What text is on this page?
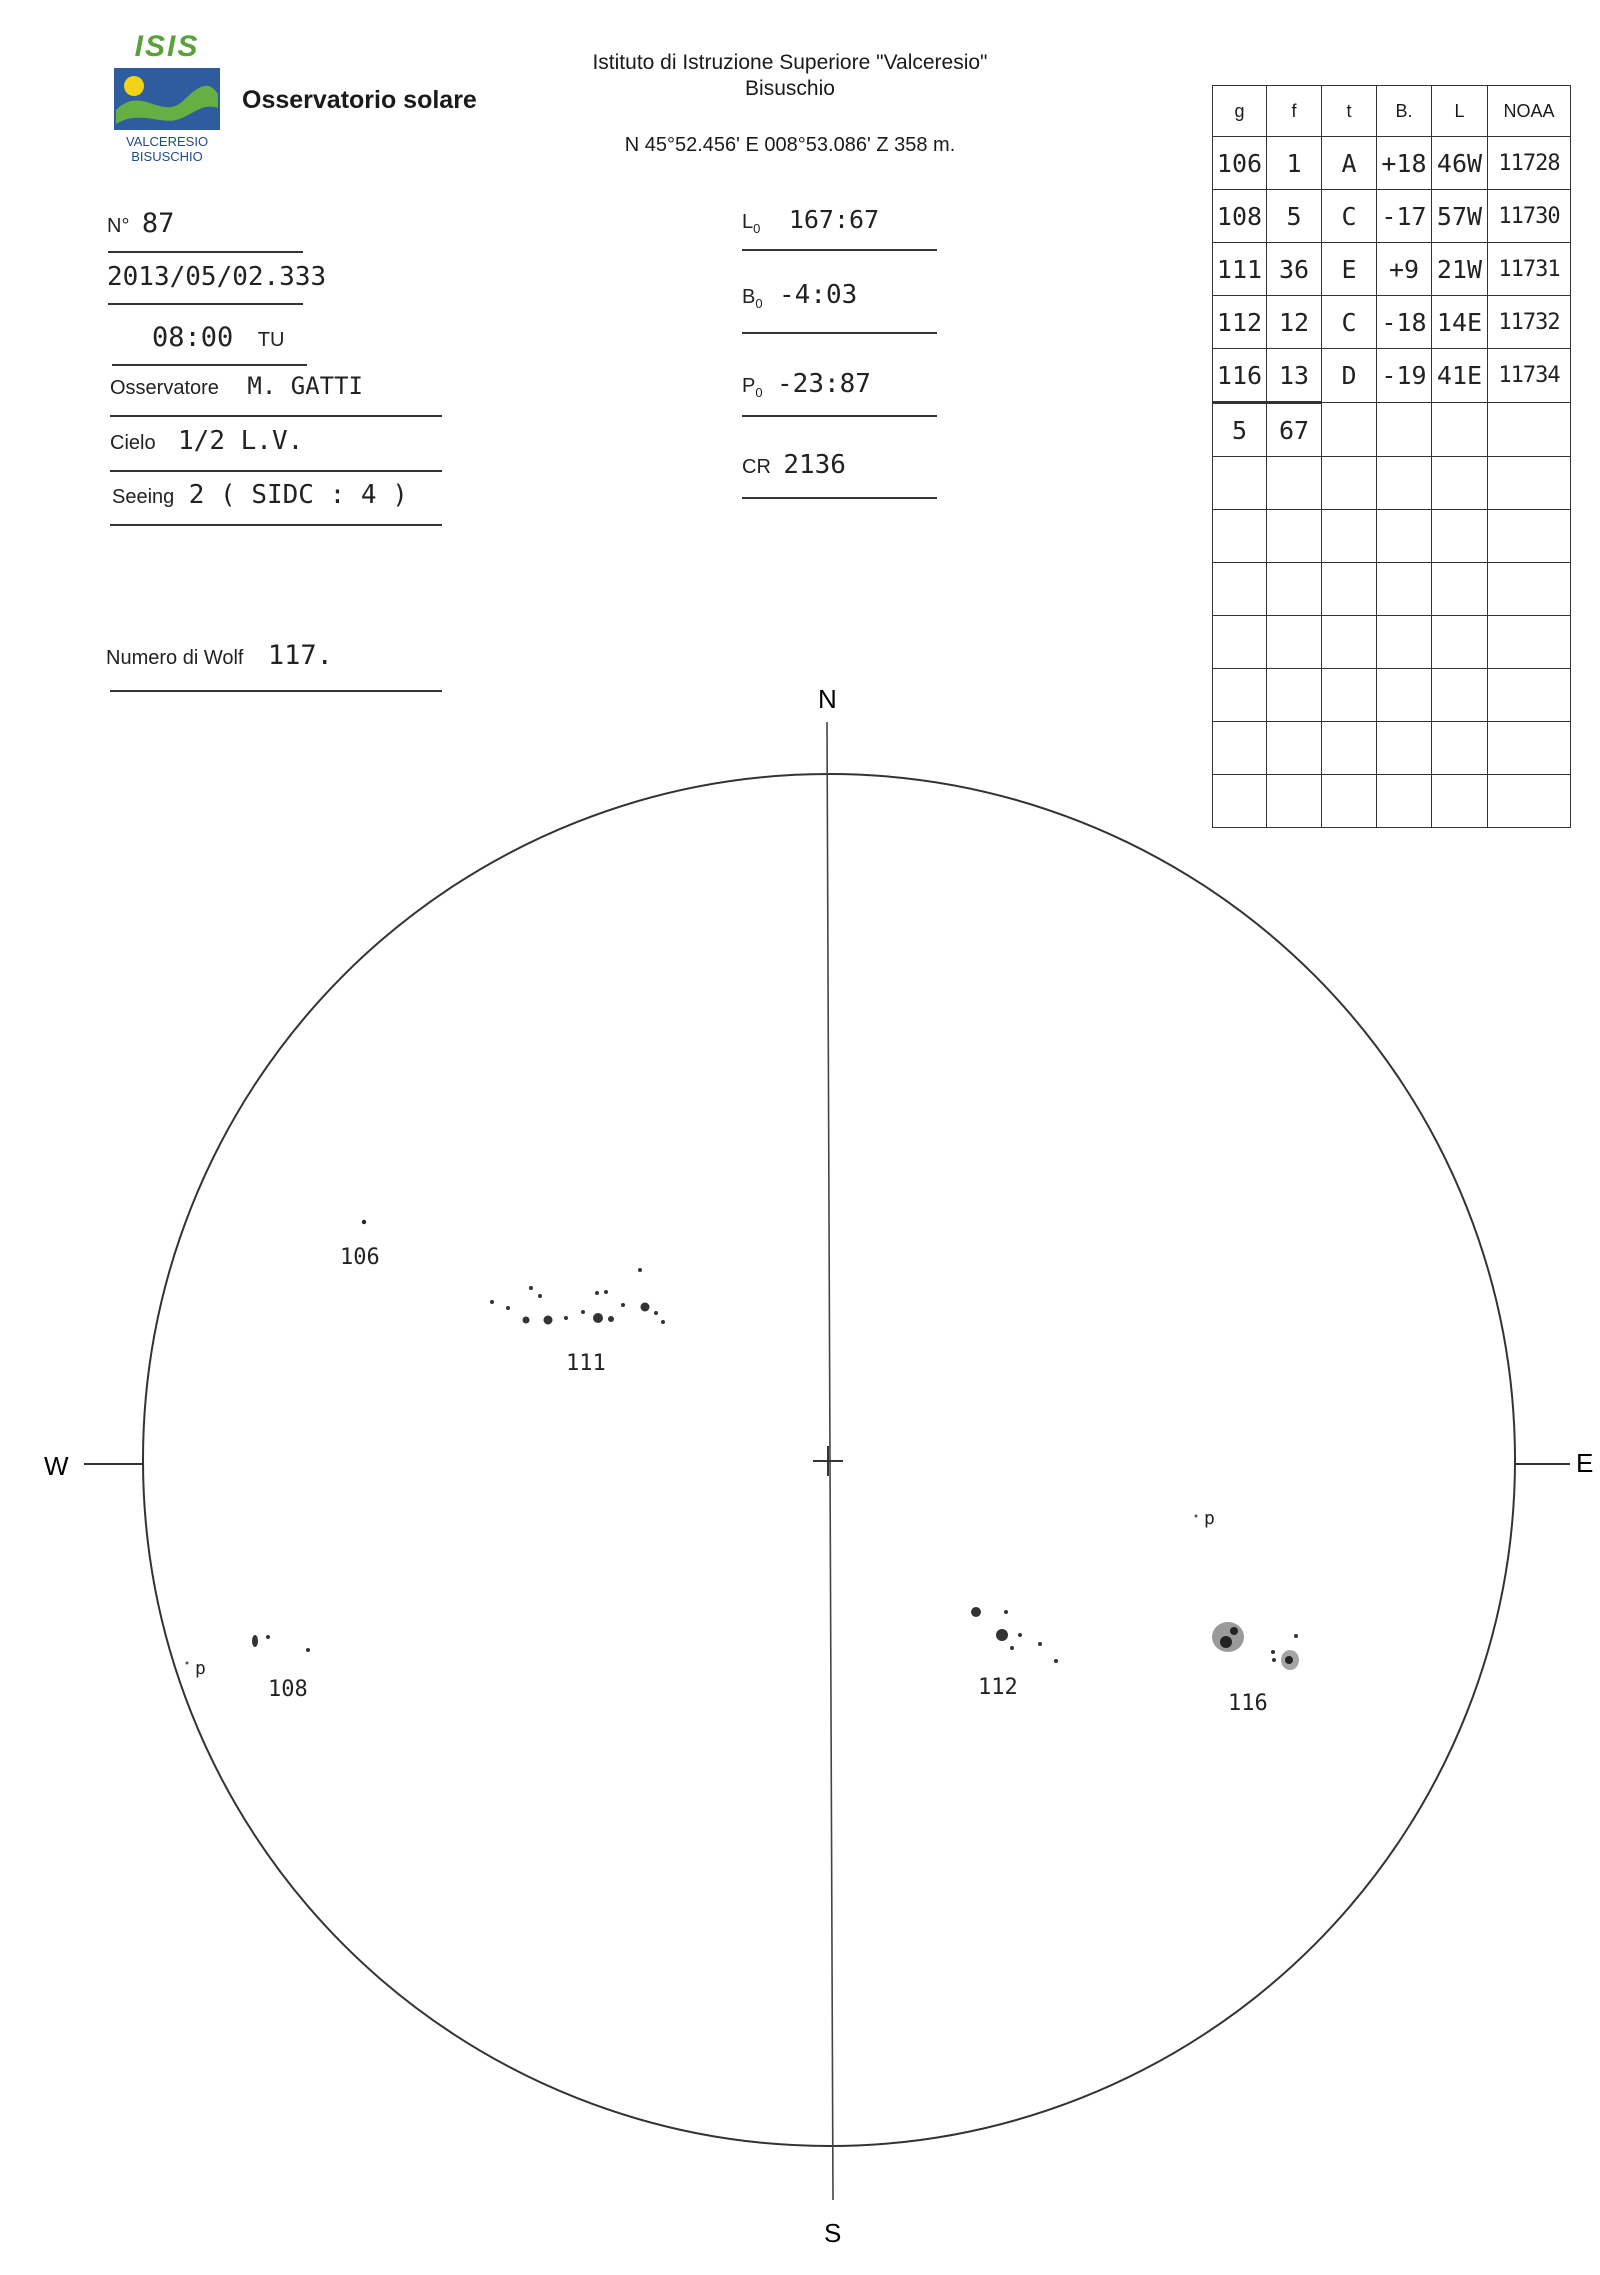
ISIS
VALCERESIO
BISUSCHIO
Osservatorio solare
Istituto di Istruzione Superiore "Valceresio"
Bisuschio
N 45°52.456' E 008°53.086' Z 358 m.
N° 87
2013/05/02.333
08:00 TU
Osservatore M. GATTI
Cielo 1/2 L.V.
Seeing 2 ( SIDC : 4 )
Numero di Wolf 117.
$L_0$ 167:67
$B_0$ -4:03
$P_0$ -23:87
CR 2136
g	f	t	B.	L	NOAA
106	1	A	+18	46W	11728
108	5	C	-17	57W	11730
111	36	E	+9	21W	11731
112	12	C	-18	14E	11732
116	13	D	-19	41E	11734
5	67				

N
S
W	E
106
111
108	112
116
p
p
